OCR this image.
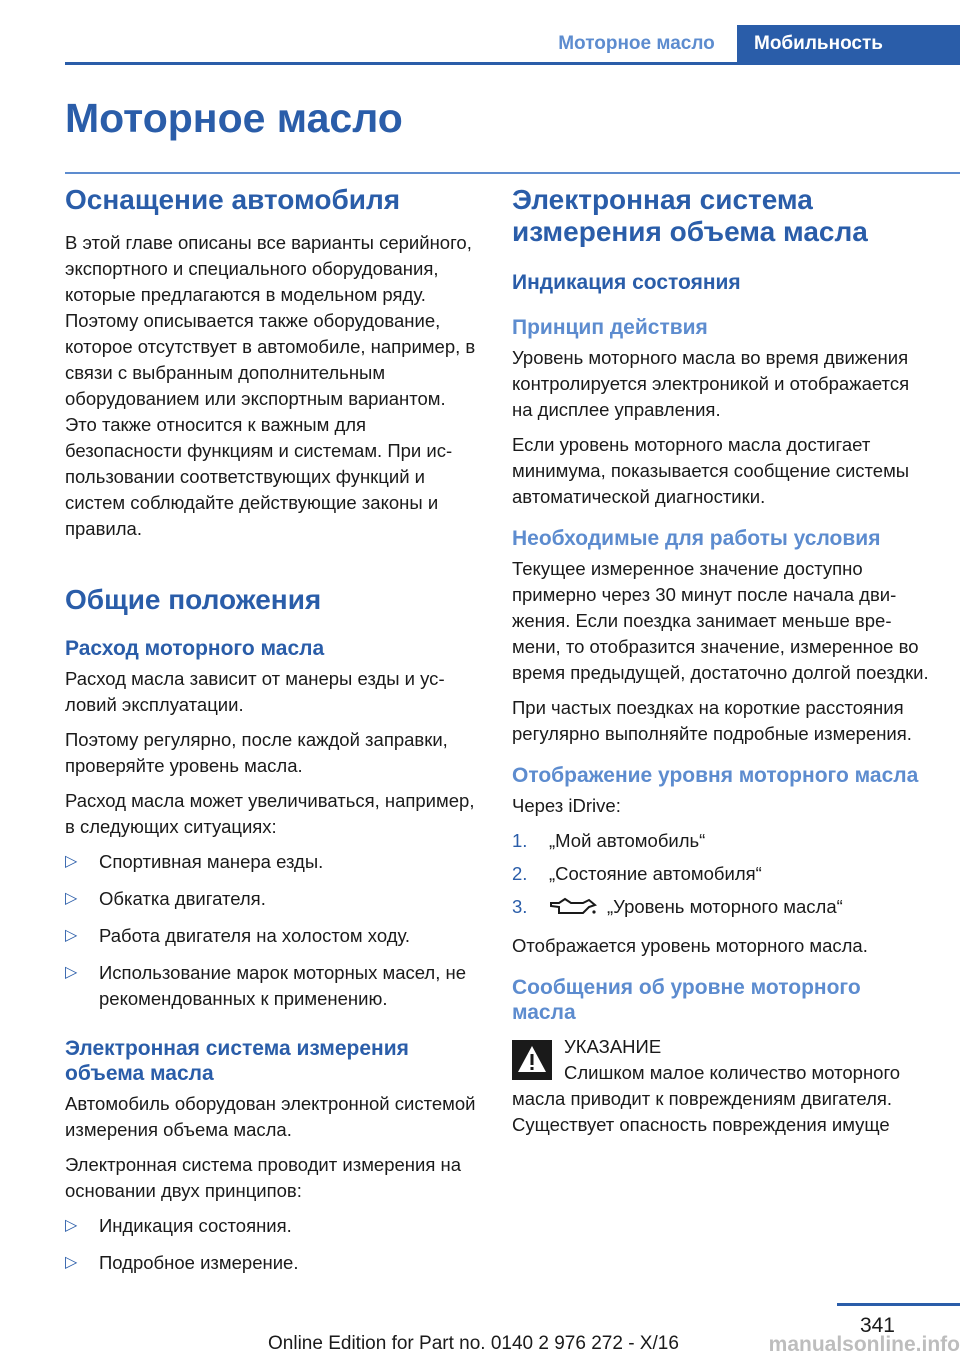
Моторное масло	Мобильность
Моторное масло
Оснащение автомобиля

В этой главе описаны все варианты серийного, экспортного и специального оборудования, которые предлагаются в модельном ряду. Поэтому описывается также оборудование, которое отсутствует в автомобиле, например, в связи с выбранным дополнительным оборудованием или экспортным вариантом. Это также относится к важным для безопасности функциям и системам. При использовании соответствующих функций и систем соблюдайте действующие законы и правила.

Общие положения
Расход моторного масла

Расход масла зависит от манеры езды и условий эксплуатации.

Поэтому регулярно, после каждой заправки, проверяйте уровень масла.

Расход масла может увеличиваться, например, в следующих ситуациях:

▷ Спортивная манера езды.
▷ Обкатка двигателя.
▷ Работа двигателя на холостом ходу.
▷ Использование марок моторных масел, не рекомендованных к применению.
Электронная система измерения объема масла

Автомобиль оборудован электронной системой измерения объема масла.

Электронная система проводит измерения на основании двух принципов:

▷ Индикация состояния.
▷ Подробное измерение.
Электронная система измерения объема масла
Индикация состояния
Принцип действия

Уровень моторного масла во время движения контролируется электроникой и отображается на дисплее управления.

Если уровень моторного масла достигает минимума, показывается сообщение системы автоматической диагностики.

Необходимые для работы условия

Текущее измеренное значение доступно примерно через 30 минут после начала движения. Если поездка занимает меньше времени, то отобразится значение, измеренное во время предыдущей, достаточно долгой поездки.

При частых поездках на короткие расстояния регулярно выполняйте подробные измерения.

Отображение уровня моторного масла

Через iDrive:

1. „Мой автомобиль“
2. „Состояние автомобиля“
3.	„Уровень моторного масла“

Отображается уровень моторного масла.

Сообщения об уровне моторного масла
УКАЗАНИЕ
Слишком малое количество моторного

масла приводит к повреждениям двигателя. Существует опасность повреждения имуще

341
Online Edition for Part no. 0140 2 976 272 - X/16	manualsonline.info
